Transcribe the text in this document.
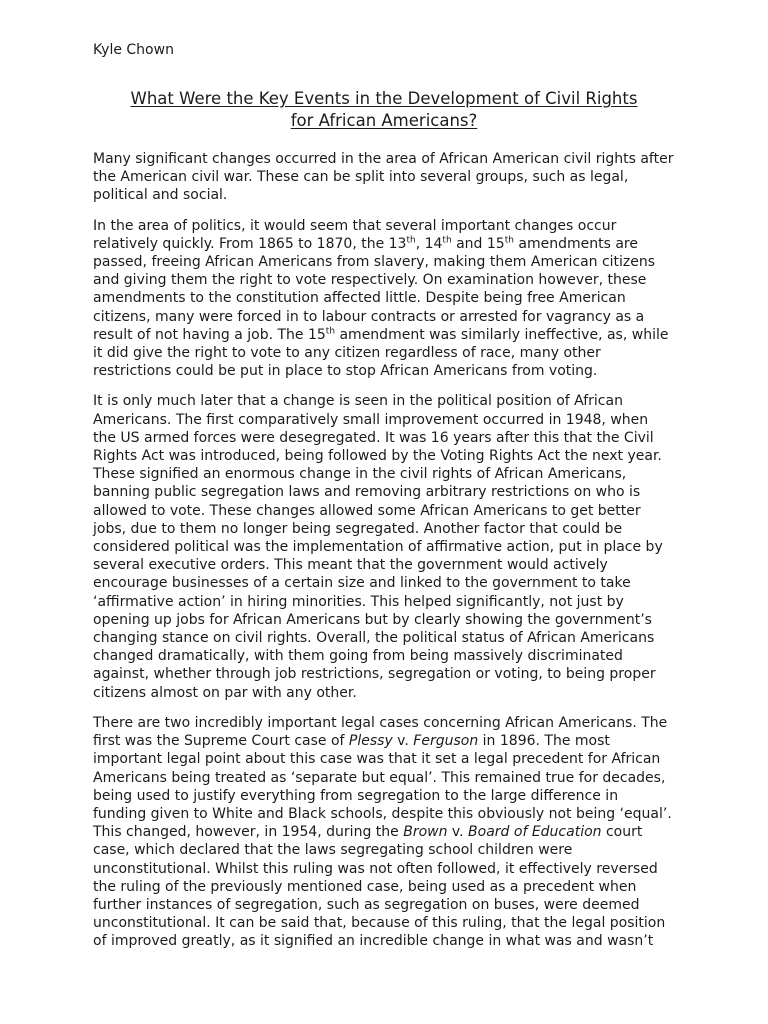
Kyle Chown
What Were the Key Events in the Development of Civil Rights
for African Americans?

Many significant changes occurred in the area of African American civil rights after the American civil war. These can be split into several groups, such as legal, political and social.

In the area of politics, it would seem that several important changes occur relatively quickly. From 1865 to 1870, the 13th, 14th and 15th amendments are passed, freeing African Americans from slavery, making them American citizens and giving them the right to vote respectively. On examination however, these amendments to the constitution affected little. Despite being free American citizens, many were forced in to labour contracts or arrested for vagrancy as a result of not having a job. The 15th amendment was similarly ineffective, as, while it did give the right to vote to any citizen regardless of race, many other restrictions could be put in place to stop African Americans from voting.

It is only much later that a change is seen in the political position of African Americans. The first comparatively small improvement occurred in 1948, when the US armed forces were desegregated. It was 16 years after this that the Civil Rights Act was introduced, being followed by the Voting Rights Act the next year. These signified an enormous change in the civil rights of African Americans, banning public segregation laws and removing arbitrary restrictions on who is allowed to vote. These changes allowed some African Americans to get better jobs, due to them no longer being segregated. Another factor that could be considered political was the implementation of affirmative action, put in place by several executive orders. This meant that the government would actively encourage businesses of a certain size and linked to the government to take ‘affirmative action’ in hiring minorities. This helped significantly, not just by opening up jobs for African Americans but by clearly showing the government’s changing stance on civil rights. Overall, the political status of African Americans changed dramatically, with them going from being massively discriminated against, whether through job restrictions, segregation or voting, to being proper citizens almost on par with any other.

There are two incredibly important legal cases concerning African Americans. The first was the Supreme Court case of Plessy v. Ferguson in 1896. The most important legal point about this case was that it set a legal precedent for African Americans being treated as ‘separate but equal’. This remained true for decades, being used to justify everything from segregation to the large difference in funding given to White and Black schools, despite this obviously not being ‘equal’. This changed, however, in 1954, during the Brown v. Board of Education court case, which declared that the laws segregating school children were unconstitutional. Whilst this ruling was not often followed, it effectively reversed the ruling of the previously mentioned case, being used as a precedent when further instances of segregation, such as segregation on buses, were deemed unconstitutional. It can be said that, because of this ruling, that the legal position of improved greatly, as it signified an incredible change in what was and wasn’t
